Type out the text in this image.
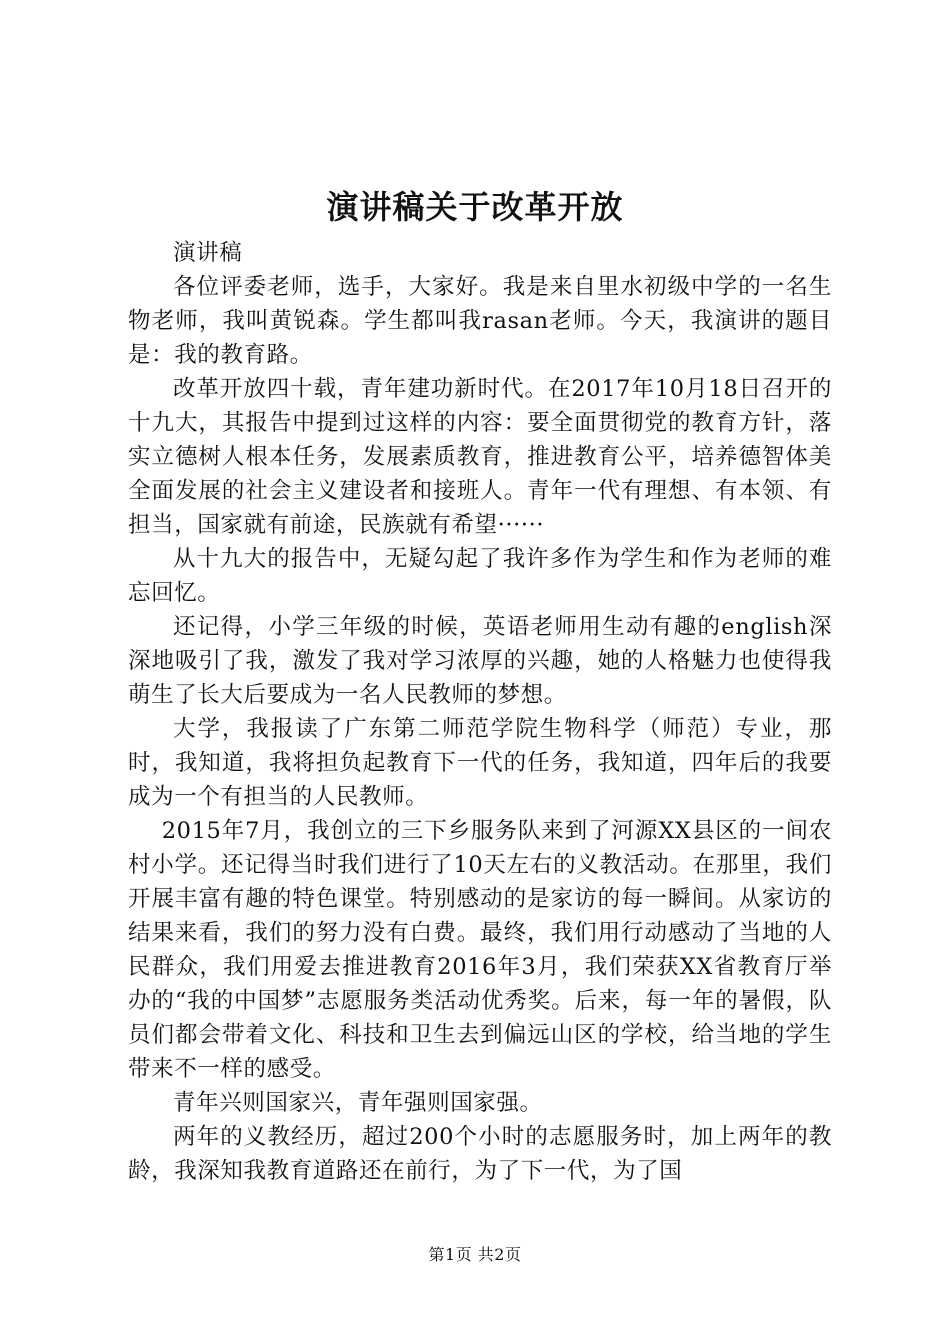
演讲稿关于改革开放

演讲稿

各位评委老师，选手，大家好。我是来自里水初级中学的一名生物老师，我叫黄锐森。学生都叫我rasan老师。今天，我演讲的题目是：我的教育路。

改革开放四十载，青年建功新时代。在2017年10月18日召开的十九大，其报告中提到过这样的内容：要全面贯彻党的教育方针，落实立德树人根本任务，发展素质教育，推进教育公平，培养德智体美全面发展的社会主义建设者和接班人。青年一代有理想、有本领、有担当，国家就有前途，民族就有希望······

从十九大的报告中，无疑勾起了我许多作为学生和作为老师的难忘回忆。

还记得，小学三年级的时候，英语老师用生动有趣的english深深地吸引了我，激发了我对学习浓厚的兴趣，她的人格魅力也使得我萌生了长大后要成为一名人民教师的梦想。

大学，我报读了广东第二师范学院生物科学（师范）专业，那时，我知道，我将担负起教育下一代的任务，我知道，四年后的我要成为一个有担当的人民教师。

2015年7月，我创立的三下乡服务队来到了河源XX县区的一间农村小学。还记得当时我们进行了10天左右的义教活动。在那里，我们开展丰富有趣的特色课堂。特别感动的是家访的每一瞬间。从家访的结果来看，我们的努力没有白费。最终，我们用行动感动了当地的人民群众，我们用爱去推进教育2016年3月，我们荣获XX省教育厅举办的“我的中国梦”志愿服务类活动优秀奖。后来，每一年的暑假，队员们都会带着文化、科技和卫生去到偏远山区的学校，给当地的学生带来不一样的感受。

青年兴则国家兴，青年强则国家强。

两年的义教经历，超过200个小时的志愿服务时，加上两年的教龄，我深知我教育道路还在前行，为了下一代，为了国

第1页 共2页
